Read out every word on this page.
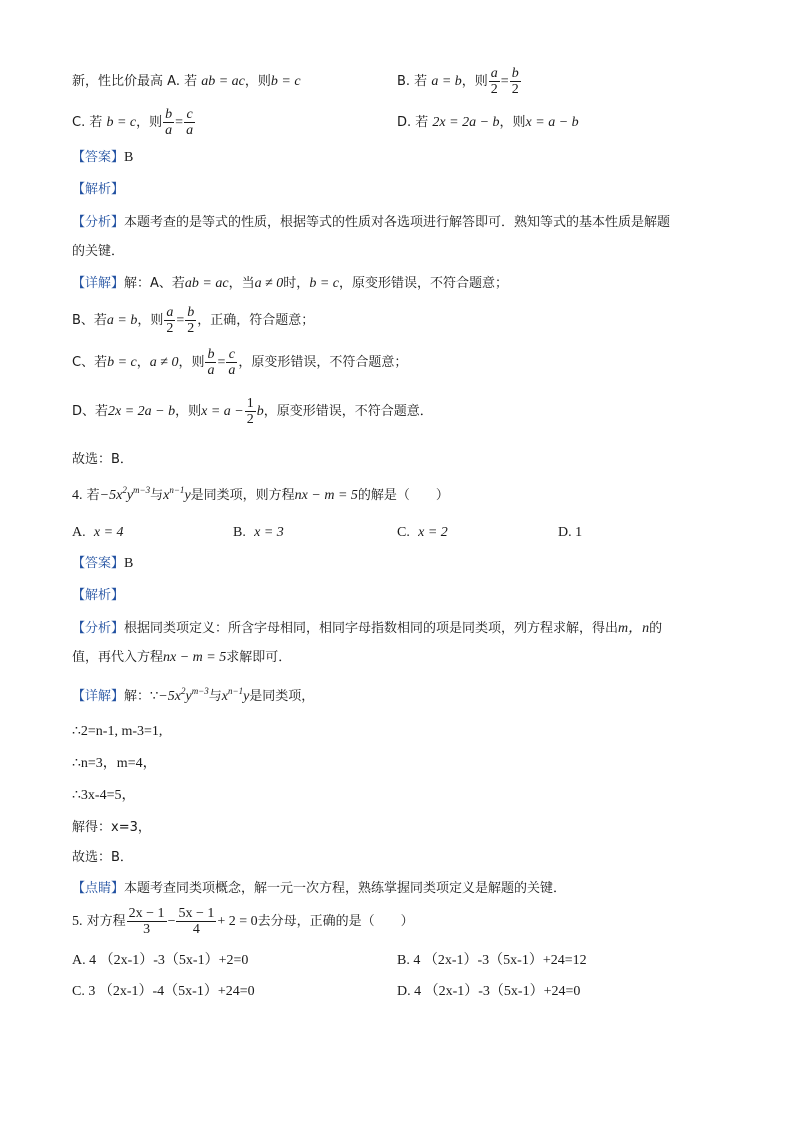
新，性比价最高 A. 若 ab = ac，则b = c	B. 若 a = b，则 $\frac{a}{2} = \frac{b}{2}$
C. 若 b = c，则 $\frac{b}{a} = \frac{c}{a}$	D. 若 2x = 2a − b，则x = a − b
【答案】B
【解析】
【分析】本题考查的是等式的性质，根据等式的性质对各选项进行解答即可．熟知等式的基本性质是解题
的关键．
【详解】解：A、若ab = ac，当a ≠ 0时，b = c，原变形错误，不符合题意；
B、若a = b，则 $\frac{a}{2} = \frac{b}{2}$ ，正确，符合题意；
C、若b = c，a ≠ 0，则 $\frac{b}{a} = \frac{c}{a}$ ，原变形错误，不符合题意；
D、若2x = 2a − b，则$x = a - \frac{1}{2}$ b，原变形错误，不符合题意．
故选：B．
4. 若$-5x^2y^{m-3}$与$x^{n-1}y$是同类项，则方程nx − m = 5的解是（　　）
A. x = 4	B. x = 3	C. x = 2	D. 1
【答案】B
【解析】
【分析】根据同类项定义：所含字母相同，相同字母指数相同的项是同类项，列方程求解，得出m，n的
值，再代入方程nx − m = 5求解即可．
【详解】解：$\because-5x^2y^{m-3}$与$x^{n-1}y$是同类项，
∴2=n-1, m-3=1,
∴n=3，m=4，
∴3x-4=5，
解得：x=3，
故选：B．
【点睛】本题考查同类项概念，解一元一次方程，熟练掌握同类项定义是解题的关键．
5. 对方程 $\frac{2x - 1}{3} - \frac{5x - 1}{4} + 2 = 0$去分母，正确的是（　　）
A. 4 （2x-1）-3（5x-1）+2=0	B. 4 （2x-1）-3（5x-1）+24=12
C. 3 （2x-1）-4（5x-1）+24=0	D. 4 （2x-1）-3（5x-1）+24=0
